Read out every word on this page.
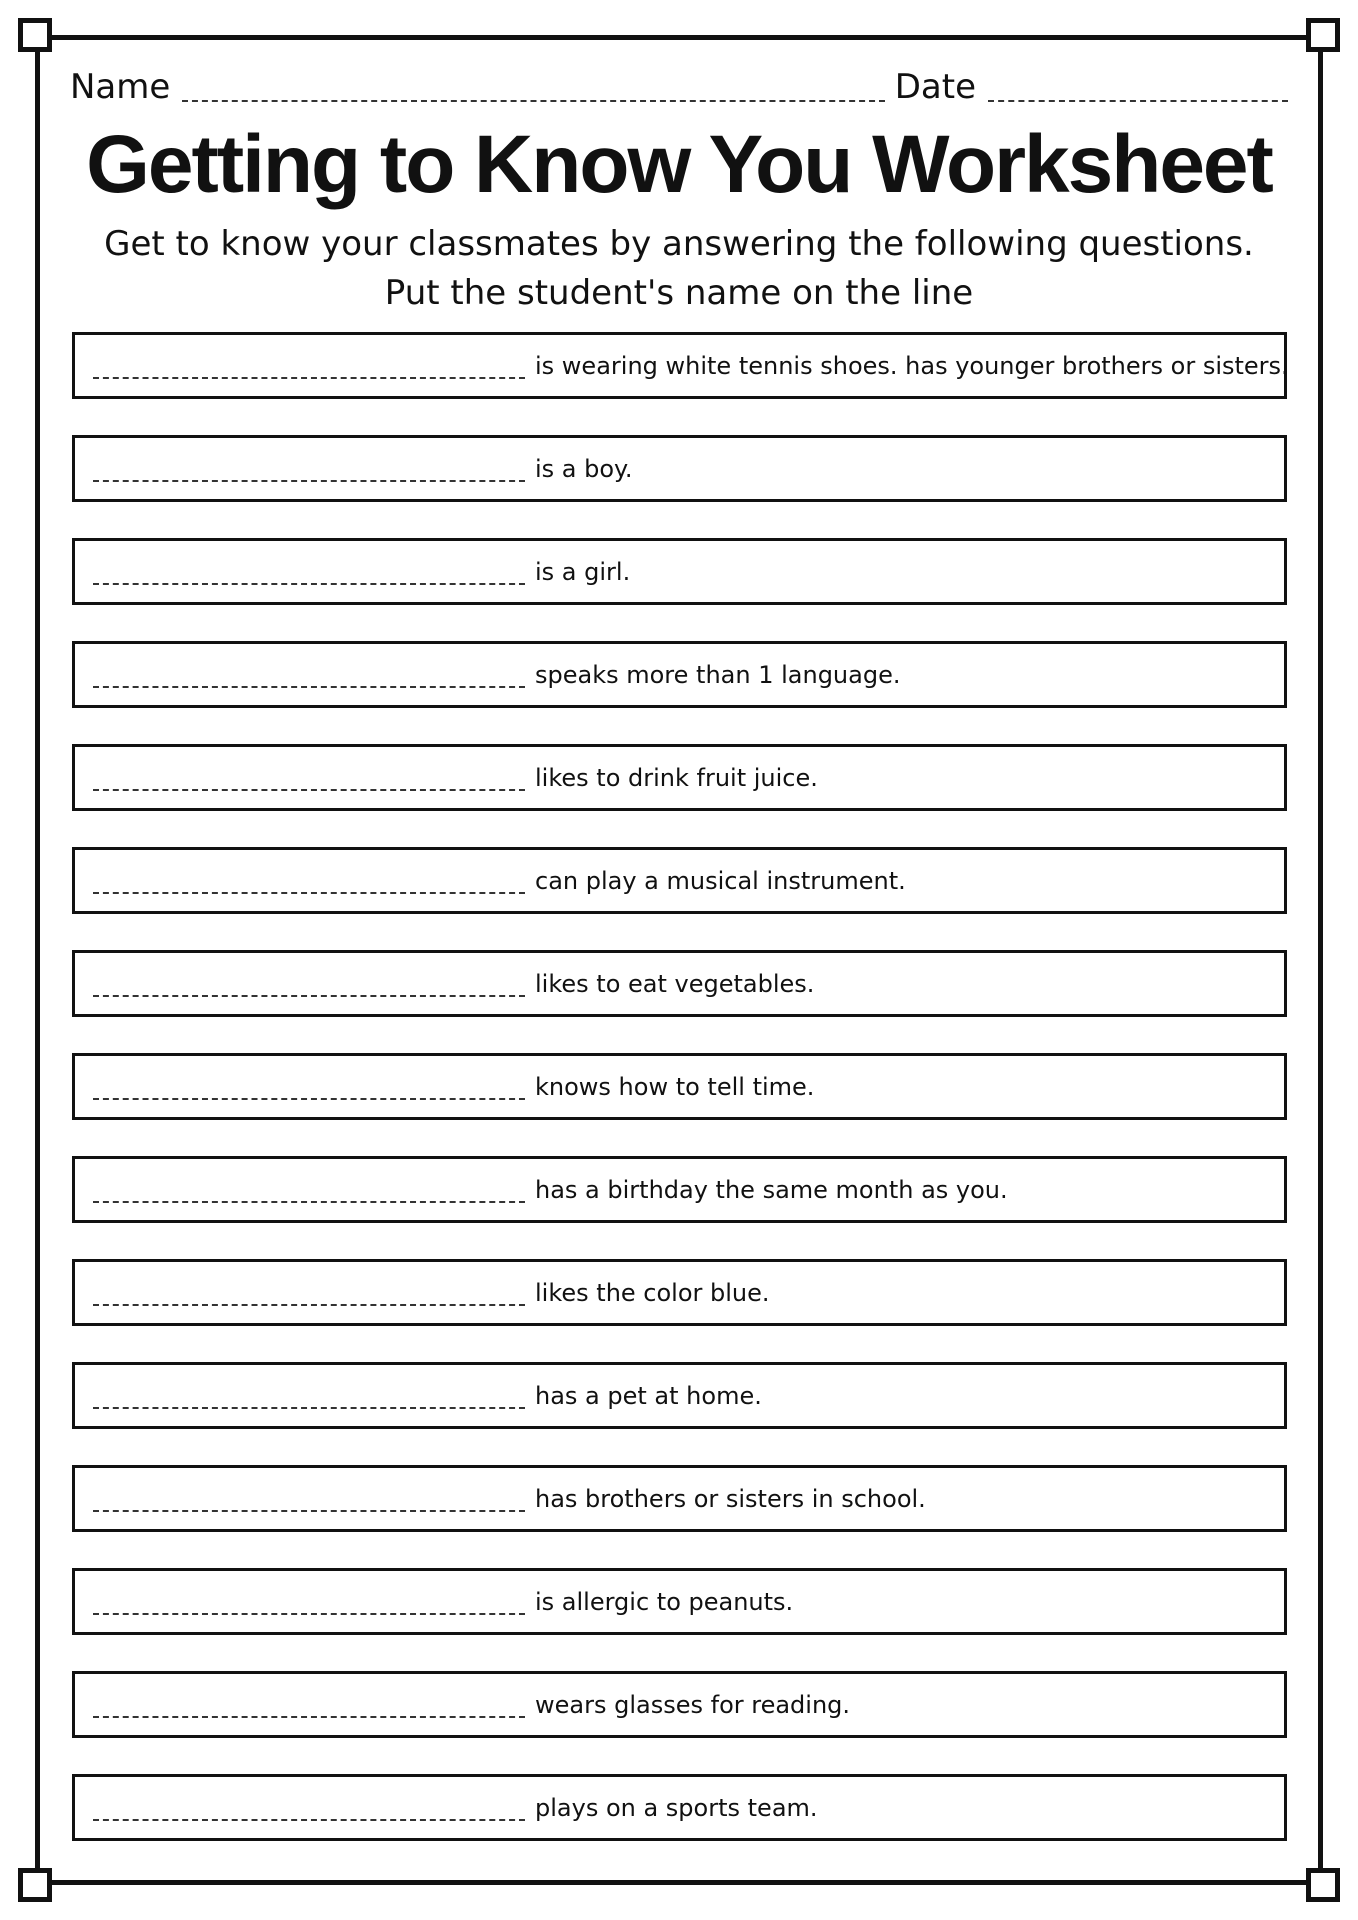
Name	Date
Getting to Know You Worksheet
Get to know your classmates by answering the following questions.
Put the student's name on the line
is wearing white tennis shoes. has younger brothers or sisters.
is a boy.
is a girl.
speaks more than 1 language.
likes to drink fruit juice.
can play a musical instrument.
likes to eat vegetables.
knows how to tell time.
has a birthday the same month as you.
likes the color blue.
has a pet at home.
has brothers or sisters in school.
is allergic to peanuts.
wears glasses for reading.
plays on a sports team.
